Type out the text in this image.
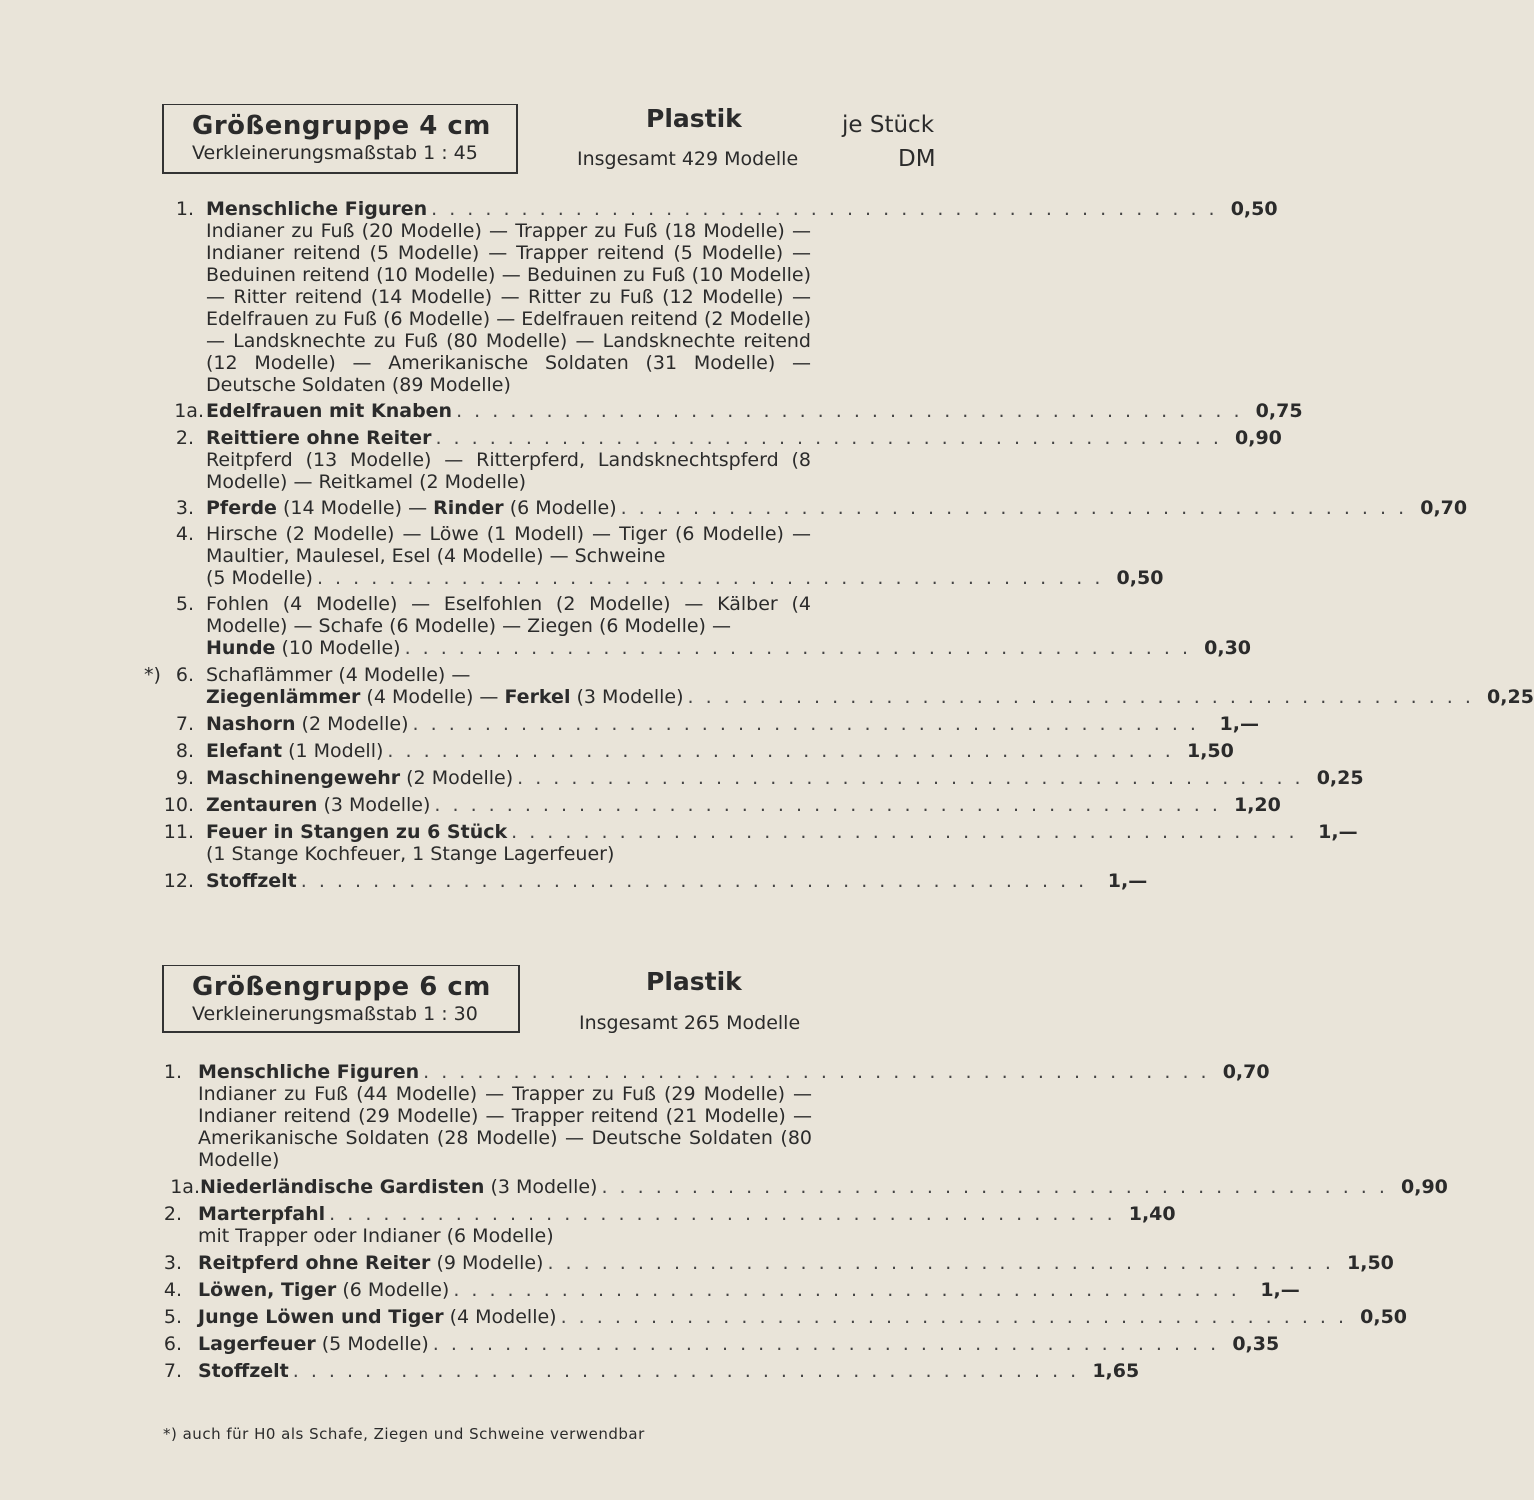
Größengruppe 4 cm
Verkleinerungsmaßstab 1 : 45
Plastik
Insgesamt 429 Modelle
je Stück
DM
1. Menschliche Figuren . . . . . . . . . . . . . . . . . . . . . . . . . . . . . . . . . . . . . . . . . . . . 0,50
Indianer zu Fuß (20 Modelle) — Trapper zu Fuß (18 Modelle) — Indianer reitend (5 Modelle) — Trapper reitend (5 Modelle) — Beduinen reitend (10 Modelle) — Beduinen zu Fuß (10 Modelle) — Ritter reitend (14 Modelle) — Ritter zu Fuß (12 Modelle) — Edelfrauen zu Fuß (6 Modelle) — Edelfrauen reitend (2 Modelle) — Landsknechte zu Fuß (80 Modelle) — Landsknechte reitend (12 Modelle) — Amerikanische Soldaten (31 Modelle) — Deutsche Soldaten (89 Modelle)
1a. Edelfrauen mit Knaben . . . . . . . . . . . . . . . . . . . . . . . . . . . . . . . . . . . . . . . . . . . . 0,75
2. Reittiere ohne Reiter . . . . . . . . . . . . . . . . . . . . . . . . . . . . . . . . . . . . . . . . . . . . 0,90
Reitpferd (13 Modelle) — Ritterpferd, Landsknechtspferd (8 Modelle) — Reitkamel (2 Modelle)
3. Pferde (14 Modelle) — Rinder (6 Modelle) . . . . . . . . . . . . . . . . . . . . . . . . . . . . . . . . . . . . . . . . . . . . 0,70
4. Hirsche (2 Modelle) — Löwe (1 Modell) — Tiger (6 Modelle) — Maultier, Maulesel, Esel (4 Modelle) — Schweine
(5 Modelle) . . . . . . . . . . . . . . . . . . . . . . . . . . . . . . . . . . . . . . . . . . . . 0,50
5. Fohlen (4 Modelle) — Eselfohlen (2 Modelle) — Kälber (4 Modelle) — Schafe (6 Modelle) — Ziegen (6 Modelle) —
Hunde (10 Modelle) . . . . . . . . . . . . . . . . . . . . . . . . . . . . . . . . . . . . . . . . . . . . 0,30
*) 6. Schaflämmer (4 Modelle) —
Ziegenlämmer (4 Modelle) — Ferkel (3 Modelle) . . . . . . . . . . . . . . . . . . . . . . . . . . . . . . . . . . . . . . . . . . . . 0,25
7. Nashorn (2 Modelle) . . . . . . . . . . . . . . . . . . . . . . . . . . . . . . . . . . . . . . . . . . . .	1,—
8. Elefant (1 Modell) . . . . . . . . . . . . . . . . . . . . . . . . . . . . . . . . . . . . . . . . . . . . 1,50
9. Maschinengewehr (2 Modelle) . . . . . . . . . . . . . . . . . . . . . . . . . . . . . . . . . . . . . . . . . . . . 0,25
10. Zentauren (3 Modelle) . . . . . . . . . . . . . . . . . . . . . . . . . . . . . . . . . . . . . . . . . . . . 1,20
11. Feuer in Stangen zu 6 Stück . . . . . . . . . . . . . . . . . . . . . . . . . . . . . . . . . . . . . . . . . . . .	1,—
(1 Stange Kochfeuer, 1 Stange Lagerfeuer)
12. Stoffzelt . . . . . . . . . . . . . . . . . . . . . . . . . . . . . . . . . . . . . . . . . . . .	1,—
Größengruppe 6 cm
Verkleinerungsmaßstab 1 : 30
Plastik
Insgesamt 265 Modelle
1. Menschliche Figuren . . . . . . . . . . . . . . . . . . . . . . . . . . . . . . . . . . . . . . . . . . . . 0,70
Indianer zu Fuß (44 Modelle) — Trapper zu Fuß (29 Modelle) — Indianer reitend (29 Modelle) — Trapper reitend (21 Modelle) — Amerikanische Soldaten (28 Modelle) — Deutsche Soldaten (80 Modelle)
1a. Niederländische Gardisten (3 Modelle) . . . . . . . . . . . . . . . . . . . . . . . . . . . . . . . . . . . . . . . . . . . . 0,90
2. Marterpfahl . . . . . . . . . . . . . . . . . . . . . . . . . . . . . . . . . . . . . . . . . . . . 1,40
mit Trapper oder Indianer (6 Modelle)
3. Reitpferd ohne Reiter (9 Modelle) . . . . . . . . . . . . . . . . . . . . . . . . . . . . . . . . . . . . . . . . . . . . 1,50
4. Löwen, Tiger (6 Modelle) . . . . . . . . . . . . . . . . . . . . . . . . . . . . . . . . . . . . . . . . . . . .	1,—
5. Junge Löwen und Tiger (4 Modelle) . . . . . . . . . . . . . . . . . . . . . . . . . . . . . . . . . . . . . . . . . . . . 0,50
6. Lagerfeuer (5 Modelle) . . . . . . . . . . . . . . . . . . . . . . . . . . . . . . . . . . . . . . . . . . . . 0,35
7. Stoffzelt . . . . . . . . . . . . . . . . . . . . . . . . . . . . . . . . . . . . . . . . . . . . 1,65
*) auch für H0 als Schafe, Ziegen und Schweine verwendbar
